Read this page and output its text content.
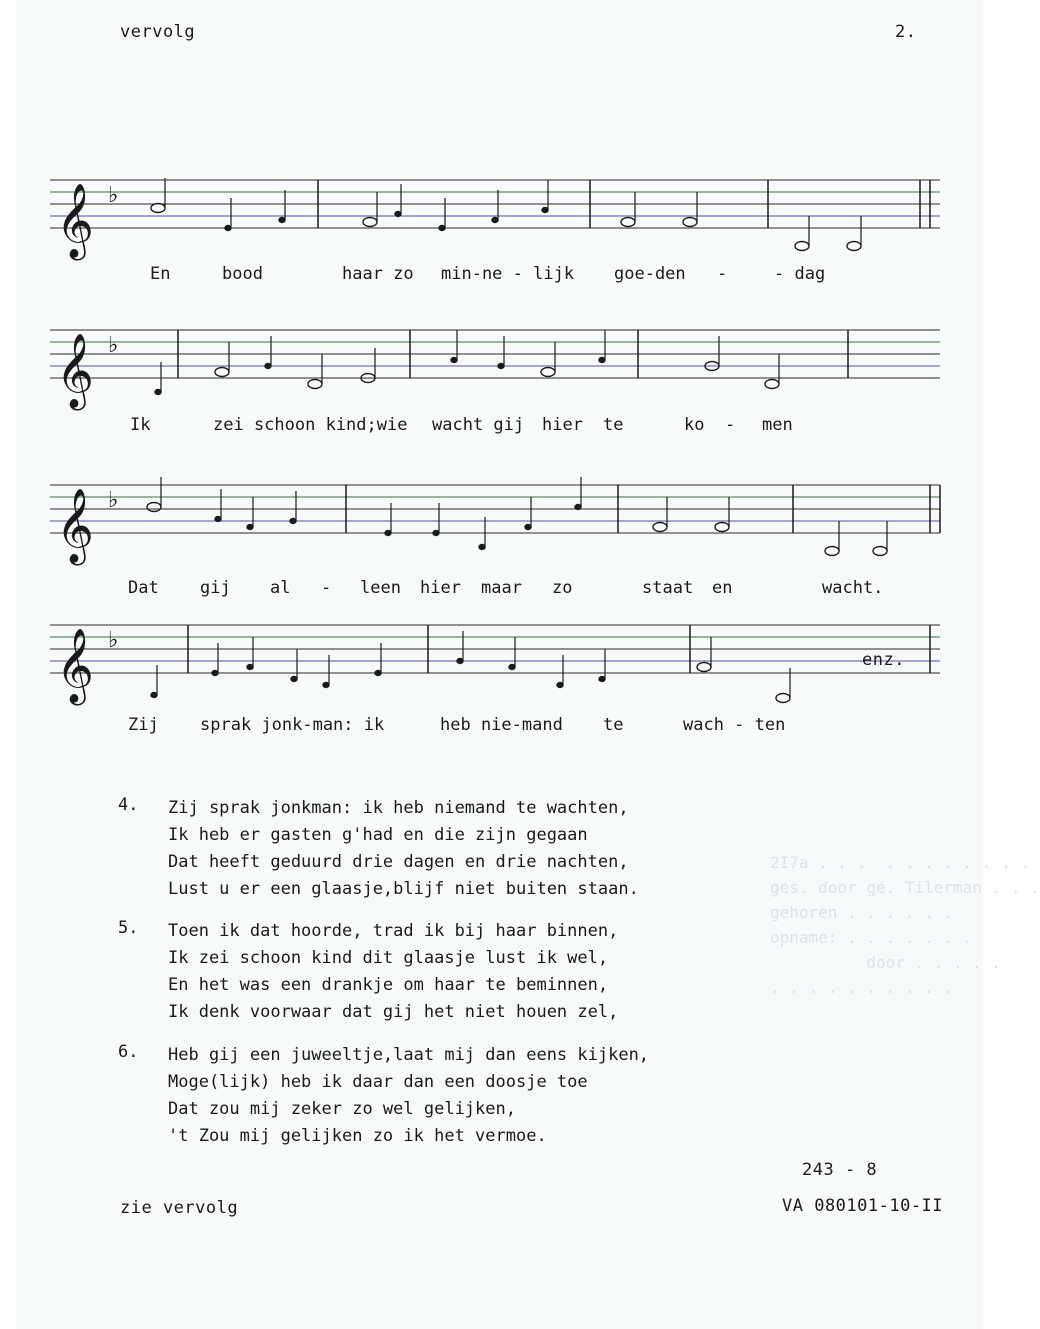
2I7a . . .  . . . . . . . .
ges. door ge. Tilerman . . .
gehoren . . . . . .
opname: . . . . . . .
door . . . . .
. . . . . . . . . .
vervolg	2.
𝄞 ♭

En

	bood

	haar zo

min-ne - lijk

goe-den

-

	- dag

𝄞 ♭

Ik

	zei schoon kind;wie

wacht gij

hier

te

	ko

-

men

𝄞 ♭

Dat

gij

al

-

leen

hier

maar

zo

	staat

en

	wacht.

𝄞 ♭
enz.

Zij

sprak jonk-man: ik

	heb nie-mand

te

	wach - ten

4. Zij sprak jonkman: ik heb niemand te wachten,
Ik heb er gasten g'had en die zijn gegaan
Dat heeft geduurd drie dagen en drie nachten,
Lust u er een glaasje,blijf niet buiten staan.
5. Toen ik dat hoorde, trad ik bij haar binnen,
Ik zei schoon kind dit glaasje lust ik wel,
En het was een drankje om haar te beminnen,
Ik denk voorwaar dat gij het niet houen zel,
6. Heb gij een juweeltje,laat mij dan eens kijken,
Moge(lijk) heb ik daar dan een doosje toe
Dat zou mij zeker zo wel gelijken,
't Zou mij gelijken zo ik het vermoe.
243 - 8
zie vervolg	VA 080101-10-II
